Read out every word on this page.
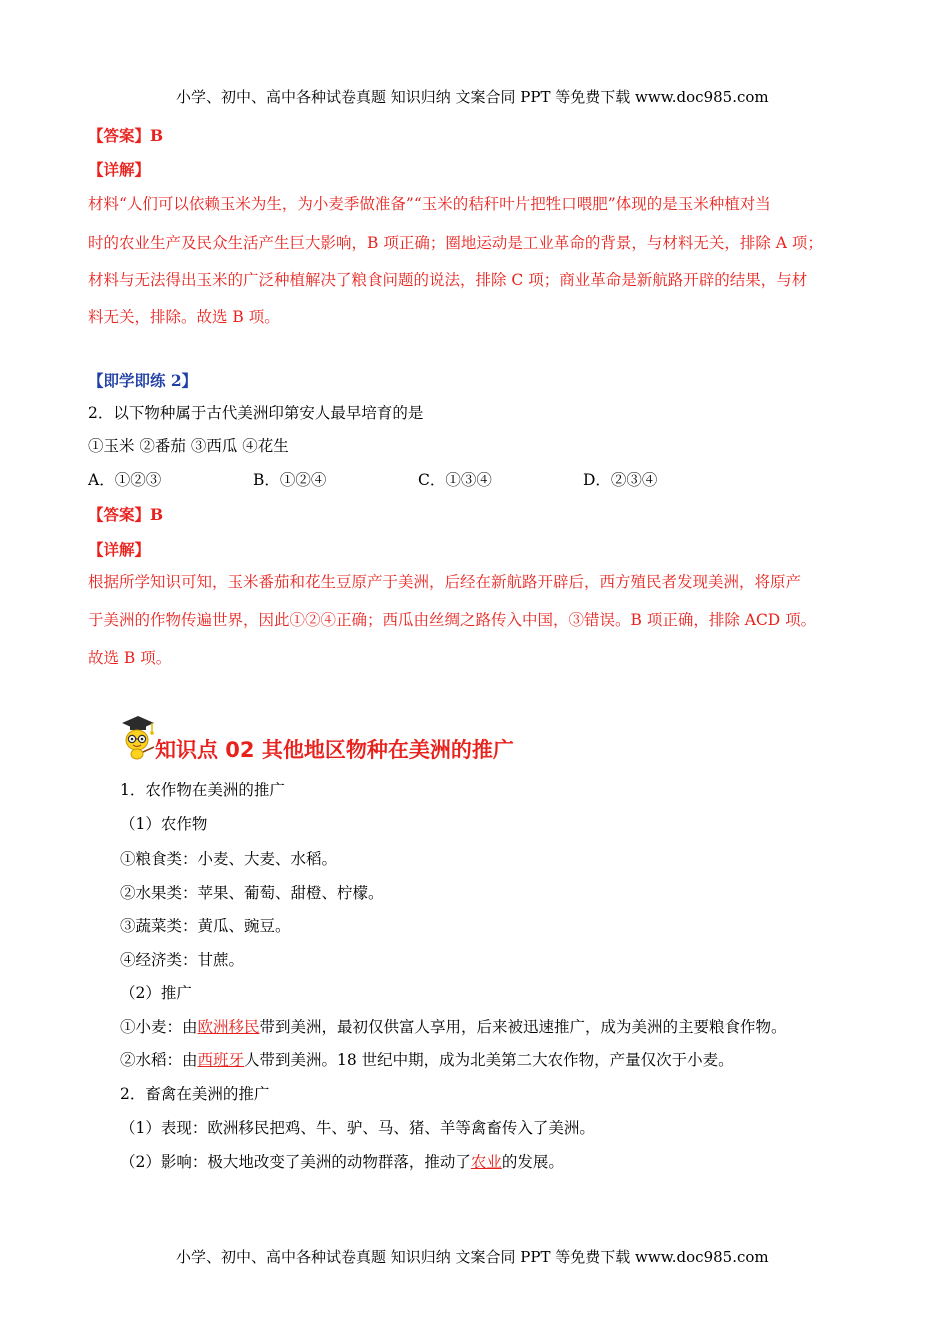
小学、初中、高中各种试卷真题 知识归纳 文案合同 PPT 等免费下载 www.doc985.com
【答案】B
【详解】
材料“人们可以依赖玉米为生，为小麦季做准备”“玉米的秸秆叶片把牲口喂肥”体现的是玉米种植对当
时的农业生产及民众生活产生巨大影响，B 项正确；圈地运动是工业革命的背景，与材料无关，排除 A 项；
材料与无法得出玉米的广泛种植解决了粮食问题的说法，排除 C 项；商业革命是新航路开辟的结果，与材
料无关，排除。故选 B 项。
【即学即练 2】
2．以下物种属于古代美洲印第安人最早培育的是
①玉米 ②番茄 ③西瓜 ④花生
A．①②③	B．①②④	C．①③④	D．②③④
【答案】B
【详解】
根据所学知识可知，玉米番茄和花生豆原产于美洲，后经在新航路开辟后，西方殖民者发现美洲，将原产
于美洲的作物传遍世界，因此①②④正确；西瓜由丝绸之路传入中国，③错误。B 项正确，排除 ACD 项。
故选 B 项。
知识点 02 其他地区物种在美洲的推广
1．农作物在美洲的推广
（1）农作物
①粮食类：小麦、大麦、水稻。
②水果类：苹果、葡萄、甜橙、柠檬。
③蔬菜类：黄瓜、豌豆。
④经济类：甘蔗。
（2）推广
①小麦：由欧洲移民带到美洲，最初仅供富人享用，后来被迅速推广，成为美洲的主要粮食作物。
②水稻：由西班牙人带到美洲。18 世纪中期，成为北美第二大农作物，产量仅次于小麦。
2．畜禽在美洲的推广
（1）表现：欧洲移民把鸡、牛、驴、马、猪、羊等禽畜传入了美洲。
（2）影响：极大地改变了美洲的动物群落，推动了农业的发展。
小学、初中、高中各种试卷真题 知识归纳 文案合同 PPT 等免费下载 www.doc985.com
